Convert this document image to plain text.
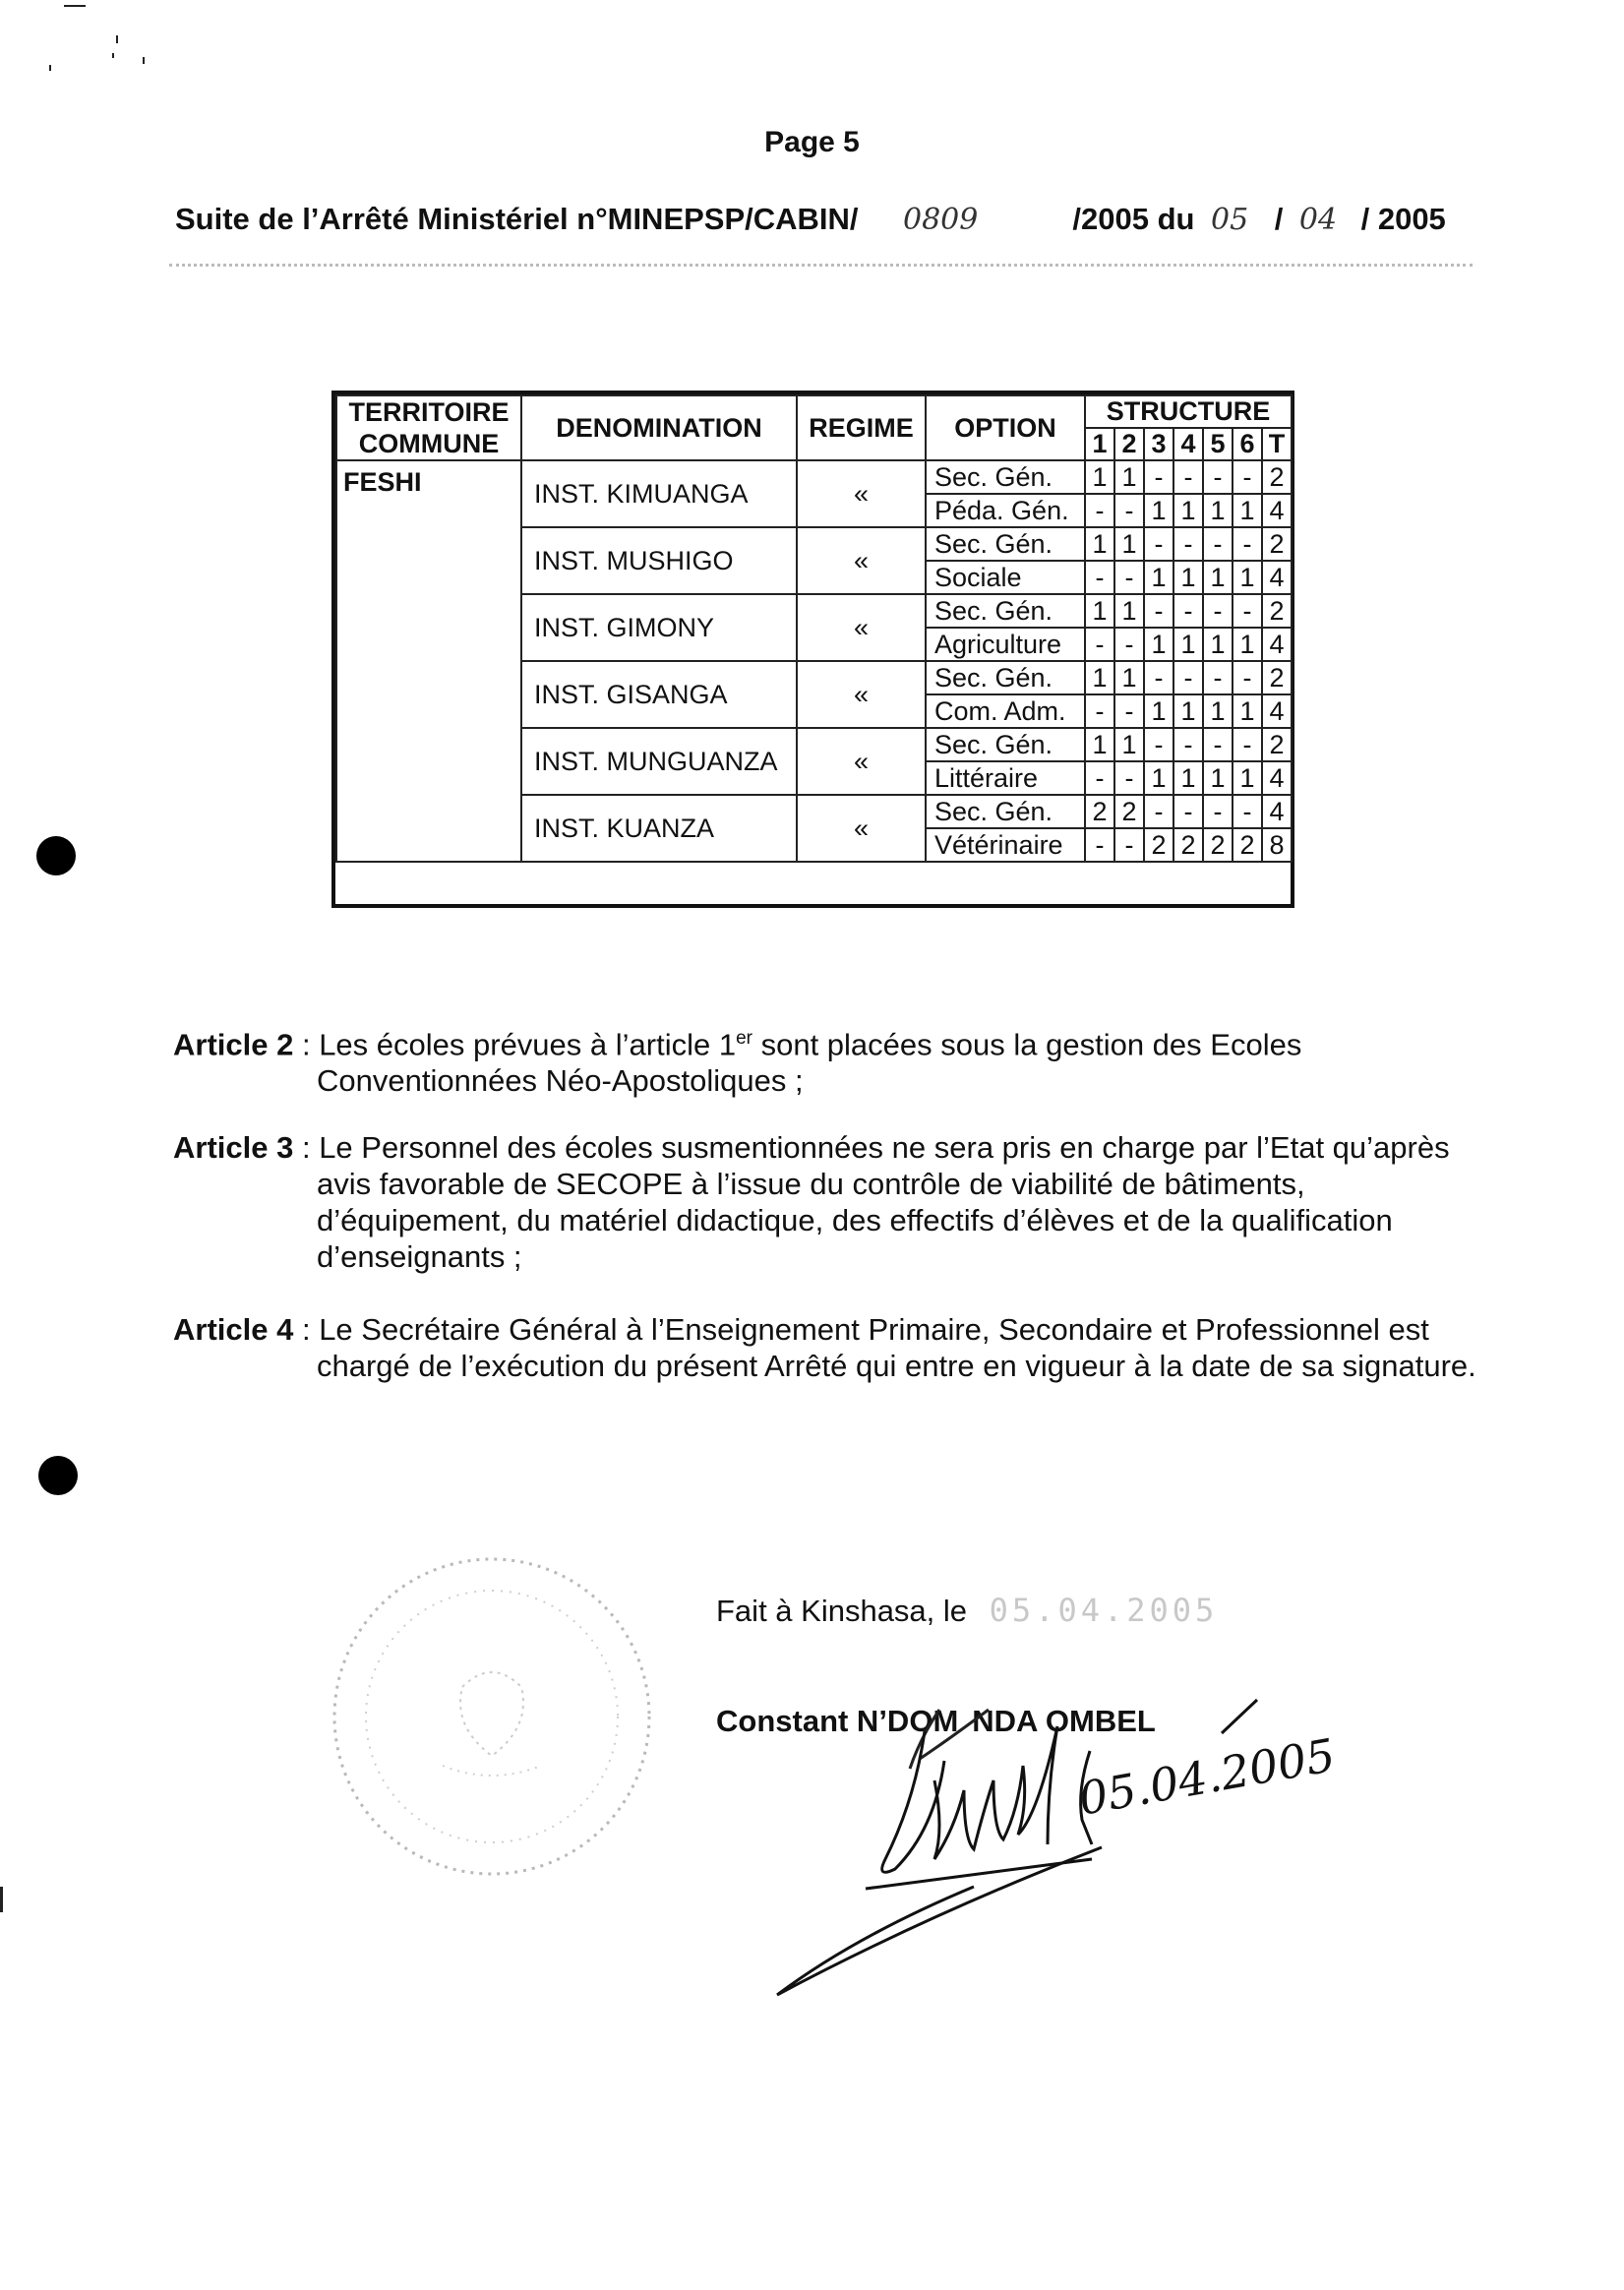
Page 5
Suite de l’Arrêté Ministériel n°MINEPSP/CABIN/ 0809	/2005 du 05 / 04 / 2005
TERRITOIRE	DENOMINATION	REGIME	OPTION	STRUCTURE						
COMMUNE				1	2	3	4	5	6	T
FESHI	INST. KIMUANGA	«	Sec. Gén.	1	1	-	-	-	-	2
			Péda. Gén.	-	-	1	1	1	1	4
	INST. MUSHIGO	«	Sec. Gén.	1	1	-	-	-	-	2
			Sociale	-	-	1	1	1	1	4
	INST. GIMONY	«	Sec. Gén.	1	1	-	-	-	-	2
			Agriculture	-	-	1	1	1	1	4
	INST. GISANGA	«	Sec. Gén.	1	1	-	-	-	-	2
			Com. Adm.	-	-	1	1	1	1	4
	INST. MUNGUANZA	«	Sec. Gén.	1	1	-	-	-	-	2
			Littéraire	-	-	1	1	1	1	4
	INST. KUANZA	«	Sec. Gén.	2	2	-	-	-	-	4
			Vétérinaire	-	-	2	2	2	2	8
Article 2 : Les écoles prévues à l’article 1er sont placées sous la gestion des Ecoles Conventionnées Néo-Apostoliques ;
Article 3 : Le Personnel des écoles susmentionnées ne sera pris en charge par l’Etat qu’après avis favorable de SECOPE à l’issue du contrôle de viabilité de bâtiments, d’équipement, du matériel didactique, des effectifs d’élèves et de la qualification d’enseignants ;
Article 4 : Le Secrétaire Général à l’Enseignement Primaire, Secondaire et Professionnel est chargé de l’exécution du présent Arrêté qui entre en vigueur à la date de sa signature.
Fait à Kinshasa, le 05.04.2005
Constant N’DOM NDA OMBEL
05.04.2005
